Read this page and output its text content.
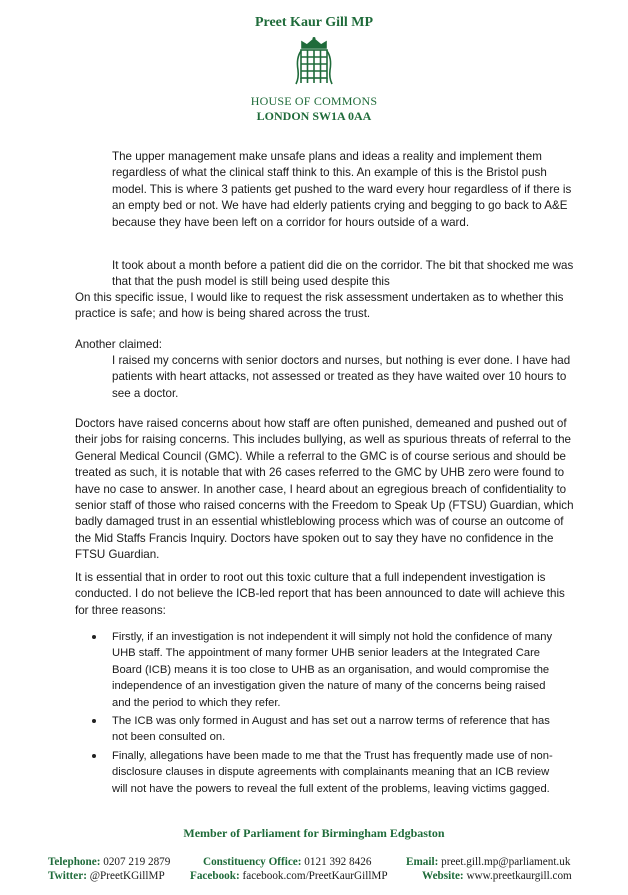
Preet Kaur Gill MP
HOUSE OF COMMONS
LONDON SW1A 0AA

The upper management make unsafe plans and ideas a reality and implement them regardless of what the clinical staff think to this. An example of this is the Bristol push model. This is where 3 patients get pushed to the ward every hour regardless of if there is an empty bed or not. We have had elderly patients crying and begging to go back to A&E because they have been left on a corridor for hours outside of a ward.

It took about a month before a patient did die on the corridor. The bit that shocked me was that that the push model is still being used despite this

On this specific issue, I would like to request the risk assessment undertaken as to whether this practice is safe; and how is being shared across the trust.

Another claimed:

I raised my concerns with senior doctors and nurses, but nothing is ever done. I have had patients with heart attacks, not assessed or treated as they have waited over 10 hours to see a doctor.

Doctors have raised concerns about how staff are often punished, demeaned and pushed out of their jobs for raising concerns. This includes bullying, as well as spurious threats of referral to the General Medical Council (GMC). While a referral to the GMC is of course serious and should be treated as such, it is notable that with 26 cases referred to the GMC by UHB zero were found to have no case to answer. In another case, I heard about an egregious breach of confidentiality to senior staff of those who raised concerns with the Freedom to Speak Up (FTSU) Guardian, which badly damaged trust in an essential whistleblowing process which was of course an outcome of the Mid Staffs Francis Inquiry. Doctors have spoken out to say they have no confidence in the FTSU Guardian.

It is essential that in order to root out this toxic culture that a full independent investigation is conducted. I do not believe the ICB-led report that has been announced to date will achieve this for three reasons:

Firstly, if an investigation is not independent it will simply not hold the confidence of many UHB staff. The appointment of many former UHB senior leaders at the Integrated Care Board (ICB) means it is too close to UHB as an organisation, and would compromise the independence of an investigation given the nature of many of the concerns being raised and the period to which they refer.
The ICB was only formed in August and has set out a narrow terms of reference that has not been consulted on.
Finally, allegations have been made to me that the Trust has frequently made use of non-disclosure clauses in dispute agreements with complainants meaning that an ICB review will not have the powers to reveal the full extent of the problems, leaving victims gagged.
Member of Parliament for Birmingham Edgbaston
Telephone: 0207 219 2879	Constituency Office: 0121 392 8426	Email: preet.gill.mp@parliament.uk
Twitter: @PreetKGillMP Facebook: facebook.com/PreetKaurGillMP	Website: www.preetkaurgill.com
